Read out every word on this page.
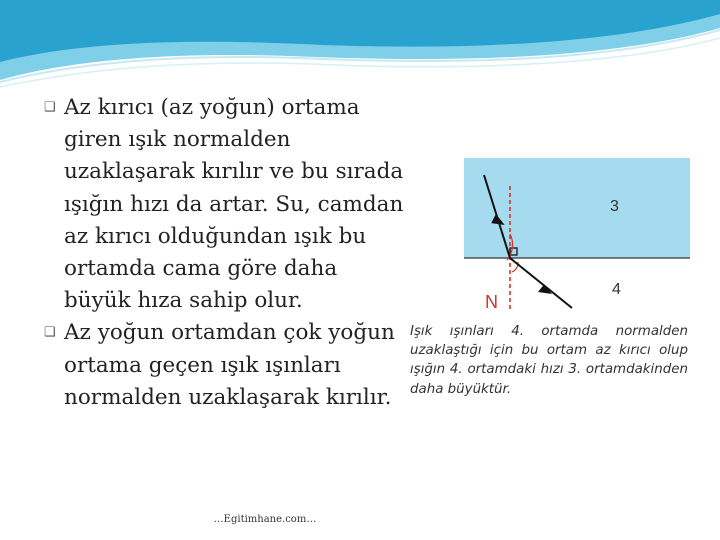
❑ Az kırıcı (az yoğun) ortama giren ışık normalden uzaklaşarak kırılır ve bu sırada ışığın hızı da artar. Su, camdan az kırıcı olduğundan ışık bu ortamda cama göre daha büyük hıza sahip olur.
❑ Az yoğun ortamdan çok yoğun ortama geçen ışık ışınları normalden uzaklaşarak kırılır.
3
4
N
Işık ışınları 4. ortamda normalden uzaklaştığı için bu ortam az kırıcı olup ışığın 4. ortamdaki hızı 3. ortamdakinden daha büyüktür.
…Egitimhane.com…
